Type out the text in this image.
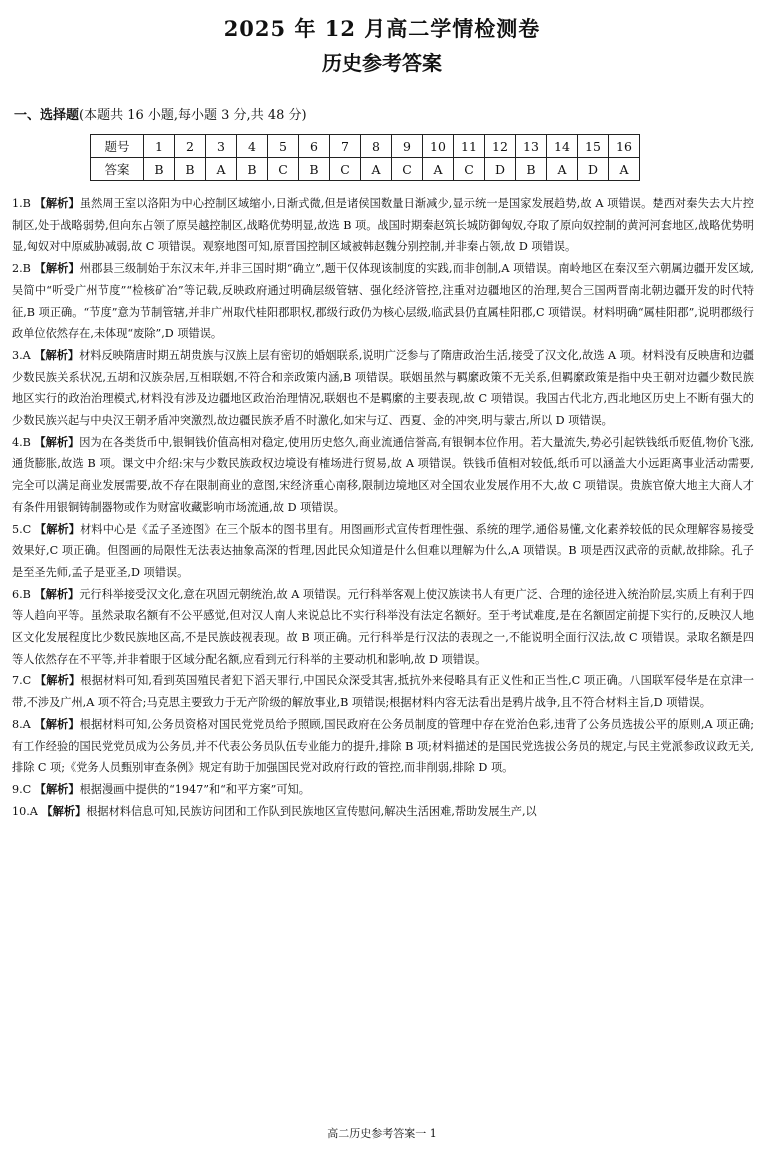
2025 年 12 月高二学情检测卷
历史参考答案
一、选择题(本题共 16 小题,每小题 3 分,共 48 分)
题号	1	2	3	4	5	6	7	8	9	10	11	12	13	14	15	16
答案	B	B	A	B	C	B	C	A	C	A	C	D	B	A	D	A

1.B 【解析】虽然周王室以洛阳为中心控制区域缩小,日渐式微,但是诸侯国数量日渐减少,显示统一是国家发展趋势,故 A 项错误。楚西对秦失去大片控制区,处于战略弱势,但向东占领了原吴越控制区,战略优势明显,故选 B 项。战国时期秦赵筑长城防御匈奴,夺取了原向奴控制的黄河河套地区,战略优势明显,匈奴对中原威胁减弱,故 C 项错误。观察地图可知,原晋国控制区域被韩赵魏分别控制,并非秦占领,故 D 项错误。

2.B 【解析】州郡县三级制始于东汉末年,并非三国时期“确立”,题干仅体现该制度的实践,而非创制,A 项错误。南岭地区在秦汉至六朝属边疆开发区域,吴简中“听受广州节度”“检核矿冶”等记载,反映政府通过明确层级管辖、强化经济管控,注重对边疆地区的治理,契合三国两晋南北朝边疆开发的时代特征,B 项正确。“节度”意为节制管辖,并非广州取代桂阳郡职权,郡级行政仍为核心层级,临武县仍直属桂阳郡,C 项错误。材料明确“属桂阳郡”,说明郡级行政单位依然存在,未体现“废除”,D 项错误。

3.A 【解析】材料反映隋唐时期五胡贵族与汉族上层有密切的婚姻联系,说明广泛参与了隋唐政治生活,接受了汉文化,故选 A 项。材料没有反映唐和边疆少数民族关系状况,五胡和汉族杂居,互相联姻,不符合和亲政策内涵,B 项错误。联姻虽然与羁縻政策不无关系,但羁縻政策是指中央王朝对边疆少数民族地区实行的政治治理模式,材料没有涉及边疆地区政治治理情况,联姻也不是羁縻的主要表现,故 C 项错误。我国古代北方,西北地区历史上不断有强大的少数民族兴起与中央汉王朝矛盾冲突激烈,故边疆民族矛盾不时激化,如宋与辽、西夏、金的冲突,明与蒙古,所以 D 项错误。

4.B 【解析】因为在各类货币中,银铜钱价值高相对稳定,使用历史悠久,商业流通信誉高,有银铜本位作用。若大量流失,势必引起铁钱纸币贬值,物价飞涨,通货膨胀,故选 B 项。课文中介绍:宋与少数民族政权边境设有榷场进行贸易,故 A 项错误。铁钱币值相对较低,纸币可以涵盖大小远距离事业活动需要,完全可以满足商业发展需要,故不存在限制商业的意图,宋经济重心南移,限制边境地区对全国农业发展作用不大,故 C 项错误。贵族官僚大地主大商人才有条件用银铜铸制器物或作为财富收藏影响市场流通,故 D 项错误。

5.C 【解析】材料中心是《孟子圣迹图》在三个版本的图书里有。用图画形式宣传哲理性强、系统的理学,通俗易懂,文化素养较低的民众理解容易接受效果好,C 项正确。但图画的局限性无法表达抽象高深的哲理,因此民众知道是什么但难以理解为什么,A 项错误。B 项是西汉武帝的贡献,故排除。孔子是至圣先师,孟子是亚圣,D 项错误。

6.B 【解析】元行科举接受汉文化,意在巩固元朝统治,故 A 项错误。元行科举客观上使汉族读书人有更广泛、合理的途径进入统治阶层,实质上有利于四等人趋向平等。虽然录取名额有不公平感觉,但对汉人南人来说总比不实行科举没有法定名额好。至于考试难度,是在名额固定前提下实行的,反映汉人地区文化发展程度比少数民族地区高,不是民族歧视表现。故 B 项正确。元行科举是行汉法的表现之一,不能说明全面行汉法,故 C 项错误。录取名额是四等人依然存在不平等,并非着眼于区域分配名额,应看到元行科举的主要动机和影响,故 D 项错误。

7.C 【解析】根据材料可知,看到英国殖民者犯下滔天罪行,中国民众深受其害,抵抗外来侵略具有正义性和正当性,C 项正确。八国联军侵华是在京津一带,不涉及广州,A 项不符合;马克思主要致力于无产阶级的解放事业,B 项错误;根据材料内容无法看出是鸦片战争,且不符合材料主旨,D 项错误。

8.A 【解析】根据材料可知,公务员资格对国民党党员给予照顾,国民政府在公务员制度的管理中存在党治色彩,违背了公务员选拔公平的原则,A 项正确;有工作经验的国民党党员成为公务员,并不代表公务员队伍专业能力的提升,排除 B 项;材料描述的是国民党选拔公务员的规定,与民主党派参政议政无关,排除 C 项;《党务人员甄别审查条例》规定有助于加强国民党对政府行政的管控,而非削弱,排除 D 项。

9.C 【解析】根据漫画中提供的“1947”和“和平方案”可知。

10.A 【解析】根据材料信息可知,民族访问团和工作队到民族地区宣传慰问,解决生活困难,帮助发展生产,以

高二历史参考答案一 1
